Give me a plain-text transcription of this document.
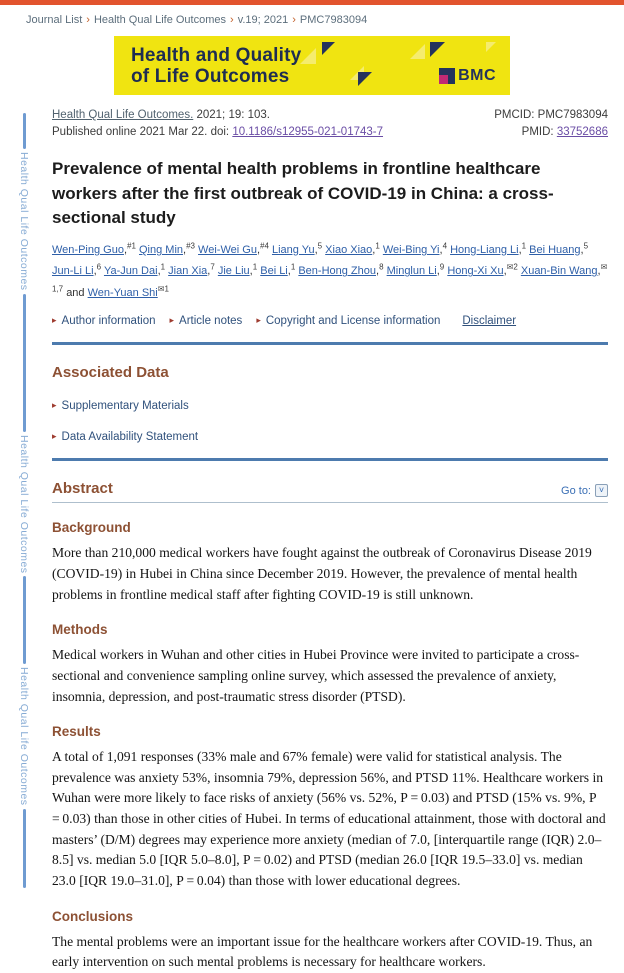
Journal List › Health Qual Life Outcomes › v.19; 2021 › PMC7983094
Health and Quality
of Life Outcomes	BMC
Health Qual Life Outcomes. 2021; 19: 103.
Published online 2021 Mar 22. doi: 10.1186/s12955-021-01743-7
PMCID: PMC7983094
PMID: 33752686
Prevalence of mental health problems in frontline healthcare workers after the first outbreak of COVID-19 in China: a cross-sectional study
Wen-Ping Guo,$^{\#1}$ Qing Min,$^{\#3}$ Wei-Wei Gu,$^{\#4}$ Liang Yu,$^5$ Xiao Xiao,$^1$ Wei-Bing Yi,$^4$ Hong-Liang Li,$^1$ Bei Huang,$^5$ Jun-Li Li,$^6$ Ya-Jun Dai,$^1$ Jian Xia,$^7$ Jie Liu,$^1$ Bei Li,$^1$ Ben-Hong Zhou,$^8$ Minglun Li,$^9$ Hong-Xi Xu,$^{✉2}$ Xuan-Bin Wang,$^{✉1,7}$ and Wen-Yuan Shi$^{✉1}$
▸ Author information ▸ Article notes ▸ Copyright and License information Disclaimer
Associated Data
▸ Supplementary Materials
▸ Data Availability Statement
Abstract	Go to: ˅
Background
More than 210,000 medical workers have fought against the outbreak of Coronavirus Disease 2019 (COVID-19) in Hubei in China since December 2019. However, the prevalence of mental health problems in frontline medical staff after fighting COVID-19 is still unknown.
Methods
Medical workers in Wuhan and other cities in Hubei Province were invited to participate a cross-sectional and convenience sampling online survey, which assessed the prevalence of anxiety, insomnia, depression, and post-traumatic stress disorder (PTSD).
Results
A total of 1,091 responses (33% male and 67% female) were valid for statistical analysis. The prevalence was anxiety 53%, insomnia 79%, depression 56%, and PTSD 11%. Healthcare workers in Wuhan were more likely to face risks of anxiety (56% vs. 52%, P = 0.03) and PTSD (15% vs. 9%, P = 0.03) than those in other cities of Hubei. In terms of educational attainment, those with doctoral and masters’ (D/M) degrees may experience more anxiety (median of 7.0, [interquartile range (IQR) 2.0–8.5] vs. median 5.0 [IQR 5.0–8.0], P = 0.02) and PTSD (median 26.0 [IQR 19.5–33.0] vs. median 23.0 [IQR 19.0–31.0], P = 0.04) than those with lower educational degrees.
Conclusions
The mental problems were an important issue for the healthcare workers after COVID-19. Thus, an early intervention on such mental problems is necessary for healthcare workers.
Health Qual Life Outcomes
Health Qual Life Outcomes
Health Qual Life Outcomes
